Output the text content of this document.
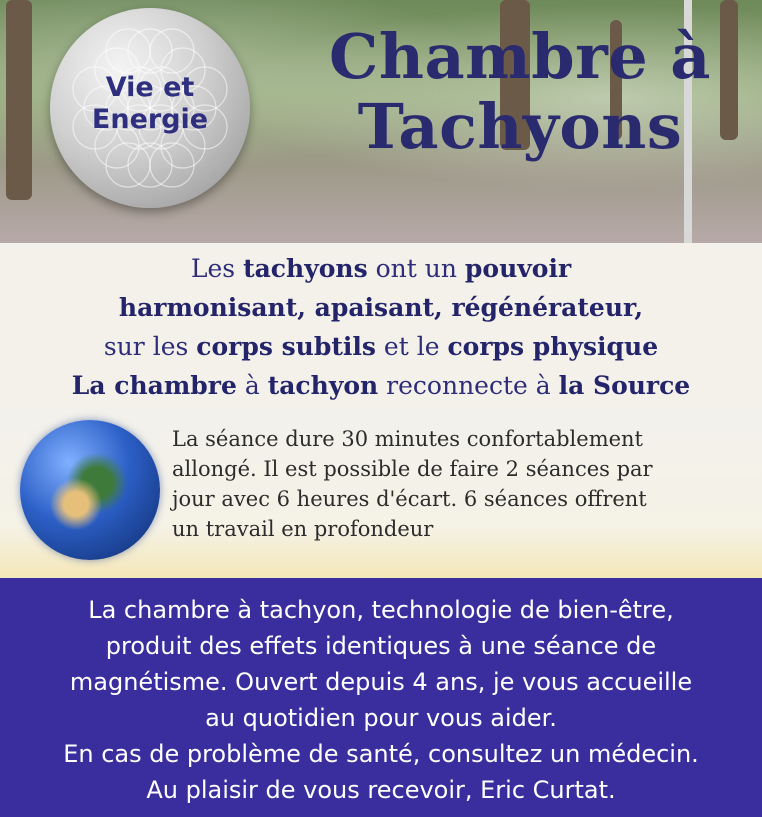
Vie et
Energie
Chambre à
Tachyons
Les tachyons ont un pouvoir
harmonisant, apaisant, régénérateur,
sur les corps subtils et le corps physique
La chambre à tachyon reconnecte à la Source
La séance dure 30 minutes confortablement
allongé. Il est possible de faire 2 séances par
jour avec 6 heures d'écart. 6 séances offrent
un travail en profondeur
La chambre à tachyon, technologie de bien-être,
produit des effets identiques à une séance de
magnétisme. Ouvert depuis 4 ans, je vous accueille
au quotidien pour vous aider.
En cas de problème de santé, consultez un médecin.
Au plaisir de vous recevoir, Eric Curtat.
